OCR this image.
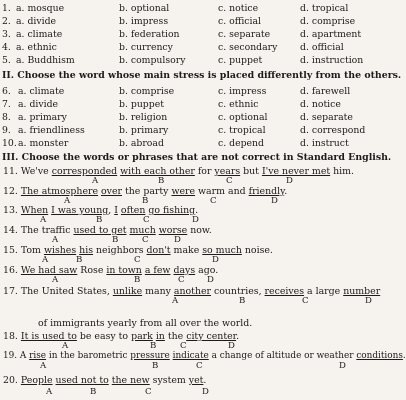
1. a. mosque	b. optional	c. notice	d. tropical
2. a. divide	b. impress	c. official	d. comprise
3. a. climate	b. federation	c. separate	d. apartment
4. a. ethnic	b. currency	c. secondary d. official
5. a. Buddhism	b. compulsory	c. puppet	d. instruction
II. Choose the word whose main stress is placed differently from the others.
6. a. climate	b. comprise	c. impress	d. farewell
7. a. divide	b. puppet	c. ethnic	d. notice
8. a. primary	b. religion	c. optional	d. separate
9. a. friendliness	b. primary	c. tropical	d. correspond
10. a. monster	b. abroad	c. depend	d. instruct
III. Choose the words or phrases that are not correct in Standard English.
11. We've corresponded with each other for years but I've never met him.
A	B	C	D
12. The atmosphere over the party were warm and friendly.
A	B	C	D
13. When I was young, I often go fishing.
A	B	C	D
14. The traffic used to get much worse now.
A	B	C	D
15. Tom wishes his neighbors don't make so much noise.
A	B	C	D
16. We had saw Rose in town a few days ago.
A	B	C	D
17. The United States, unlike many another countries, receives a large number
A	B	C	D
of immigrants yearly from all over the world.
18. It is used to be easy to park in the city center.
A	B	C	D
19. A rise in the barometric pressure indicate a change of altitude or weather conditions.
A	B	C	D
20. People used not to the new system yet.
A	B	C	D
